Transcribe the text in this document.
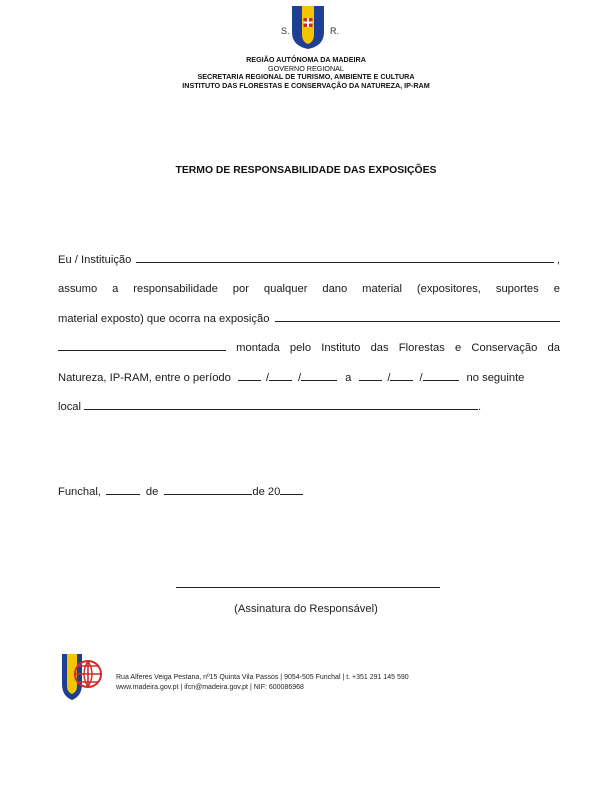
S.	R.
REGIÃO AUTÓNOMA DA MADEIRA
GOVERNO REGIONAL
SECRETARIA REGIONAL DE TURISMO, AMBIENTE E CULTURA
INSTITUTO DAS FLORESTAS E CONSERVAÇÃO DA NATUREZA, IP-RAM
TERMO DE RESPONSABILIDADE DAS EXPOSIÇÕES
Eu / Instituição	,
assumo a responsabilidade por qualquer dano material (expositores, suportes e
material exposto) que ocorra na exposição
montada pelo Instituto das Florestas e Conservação da
Natureza, IP-RAM, entre o período	/	/	a	/	/	no seguinte
local	.
Funchal,	de	de 20
(Assinatura do Responsável)
Rua Alferes Veiga Pestana, nº15 Quinta Vila Passos | 9054-505 Funchal | t. +351 291 145 590
www.madeira.gov.pt | ifcn@madeira.gov.pt | NIF: 600086968
